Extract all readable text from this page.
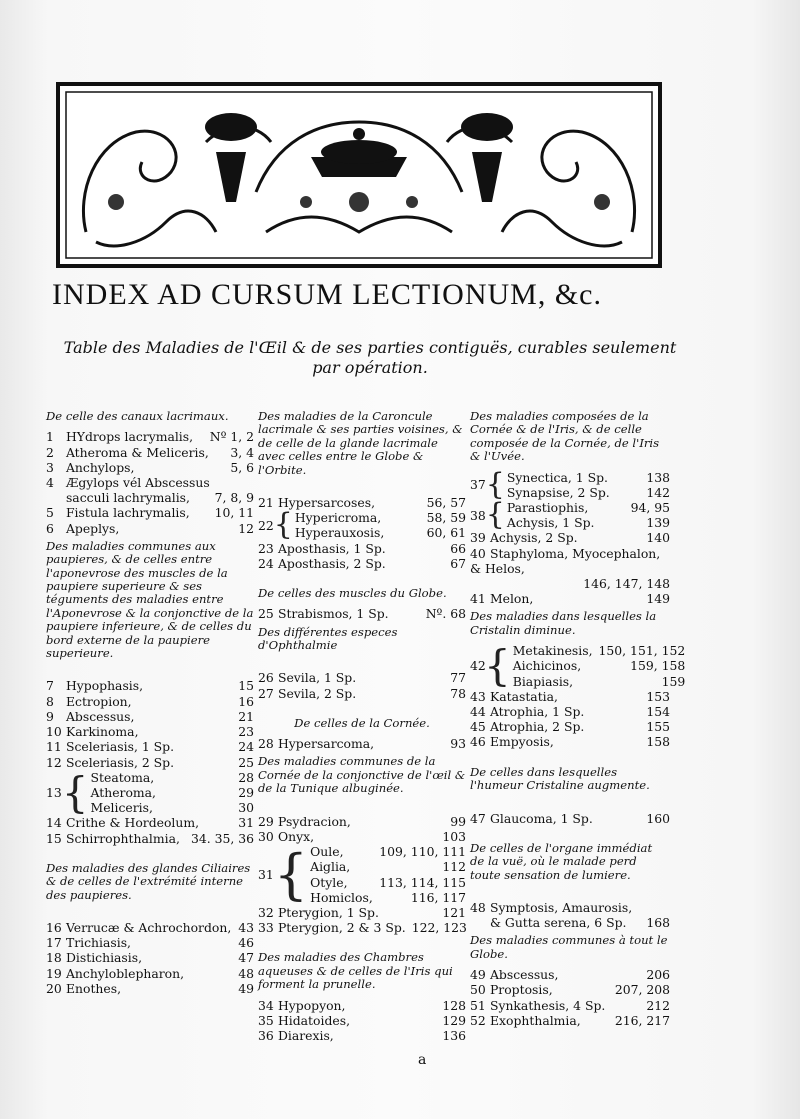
INDEX AD CURSUM LECTIONUM, &c.
Table des Maladies de l'Œil & de ses parties contiguës, curables seulement par opération.
De celle des canaux lacrimaux.
1 HYdrops lacrymalis,	Nº 1, 2
2 Atheroma & Meliceris,	3, 4
3 Anchylops,	5, 6
4 Ægylops vél Abscessus
sacculi lachrymalis,	7, 8, 9
5 Fistula lachrymalis,	10, 11
6 Apeplys,	12
Des maladies communes aux paupieres, & de celles entre l'aponevrose des muscles de la paupiere superieure & ses téguments des maladies entre l'Aponevrose & la conjonctive de la paupiere inferieure, & de celles du bord externe de la paupiere superieure.
7 Hypophasis,	15
8 Ectropion,	16
9 Abscessus,	21
10 Karkinoma,	23
11 Sceleriasis, 1 Sp.	24
12 Sceleriasis, 2 Sp.	25
13 { Steatoma,	28
Atheroma,	29
Meliceris,	30
14 Crithe & Hordeolum,	31
15 Schirrophthalmia, 34. 35, 36
Des maladies des glandes Ciliaires & de celles de l'extrémité interne des paupieres.
16 Verrucæ & Achrochordon, 43
17 Trichiasis,	46
18 Distichiasis,	47
19 Anchyloblepharon,	48
20 Enothes,	49
Des maladies de la Caroncule lacrimale & ses parties voisines, & de celle de la glande lacrimale avec celles entre le Globe & l'Orbite.
21 Hypersarcoses,	56, 57
22 { Hypericroma,	58, 59
Hyperauxosis,	60, 61
23 Aposthasis, 1 Sp.	66
24 Aposthasis, 2 Sp.	67
De celles des muscles du Globe.
25 Strabismos, 1 Sp.	Nº. 68
Des différentes especes d'Ophthalmie
26 Sevila, 1 Sp.	77
27 Sevila, 2 Sp.	78
De celles de la Cornée.
28 Hypersarcoma,	93
Des maladies communes de la Cornée de la conjonctive de l'œil & de la Tunique albuginée.
29 Psydracion,	99
30 Onyx,	103
31 { Oule,	109, 110, 111
Aiglia,	112
Otyle,	113, 114, 115
Homiclos,	116, 117
32 Pterygion, 1 Sp.	121
33 Pterygion, 2 & 3 Sp. 122, 123
Des maladies des Chambres aqueuses & de celles de l'Iris qui forment la prunelle.
34 Hypopyon,	128
35 Hidatoides,	129
36 Diarexis,	136
Des maladies composées de la Cornée & de l'Iris, & de celle composée de la Cornée, de l'Iris & l'Uvée.
37 { Synectica, 1 Sp.	138
Synapsise, 2 Sp.	142
38 { Parastiophis,	94, 95
Achysis, 1 Sp.	139
39 Achysis, 2 Sp.	140
40 Staphyloma, Myocephalon, & Helos,
146, 147, 148
41 Melon,	149
Des maladies dans lesquelles la Cristalin diminue.
42
{ Metakinesis, 150, 151, 152
Aichicinos,	159, 158
Biapiasis,	159
43 Katastatia,	153
44 Atrophia, 1 Sp.	154
45 Atrophia, 2 Sp.	155
46 Empyosis,	158
De celles dans lesquelles l'humeur Cristaline augmente.
47 Glaucoma, 1 Sp.	160
De celles de l'organe immédiat de la vuë, où le malade perd toute sensation de lumiere.
48 Symptosis, Amaurosis,
& Gutta serena, 6 Sp.	168
Des maladies communes à tout le Globe.
49 Abscessus,	206
50 Proptosis,	207, 208
51 Synkathesis, 4 Sp.	212
52 Exophthalmia,	216, 217
a
